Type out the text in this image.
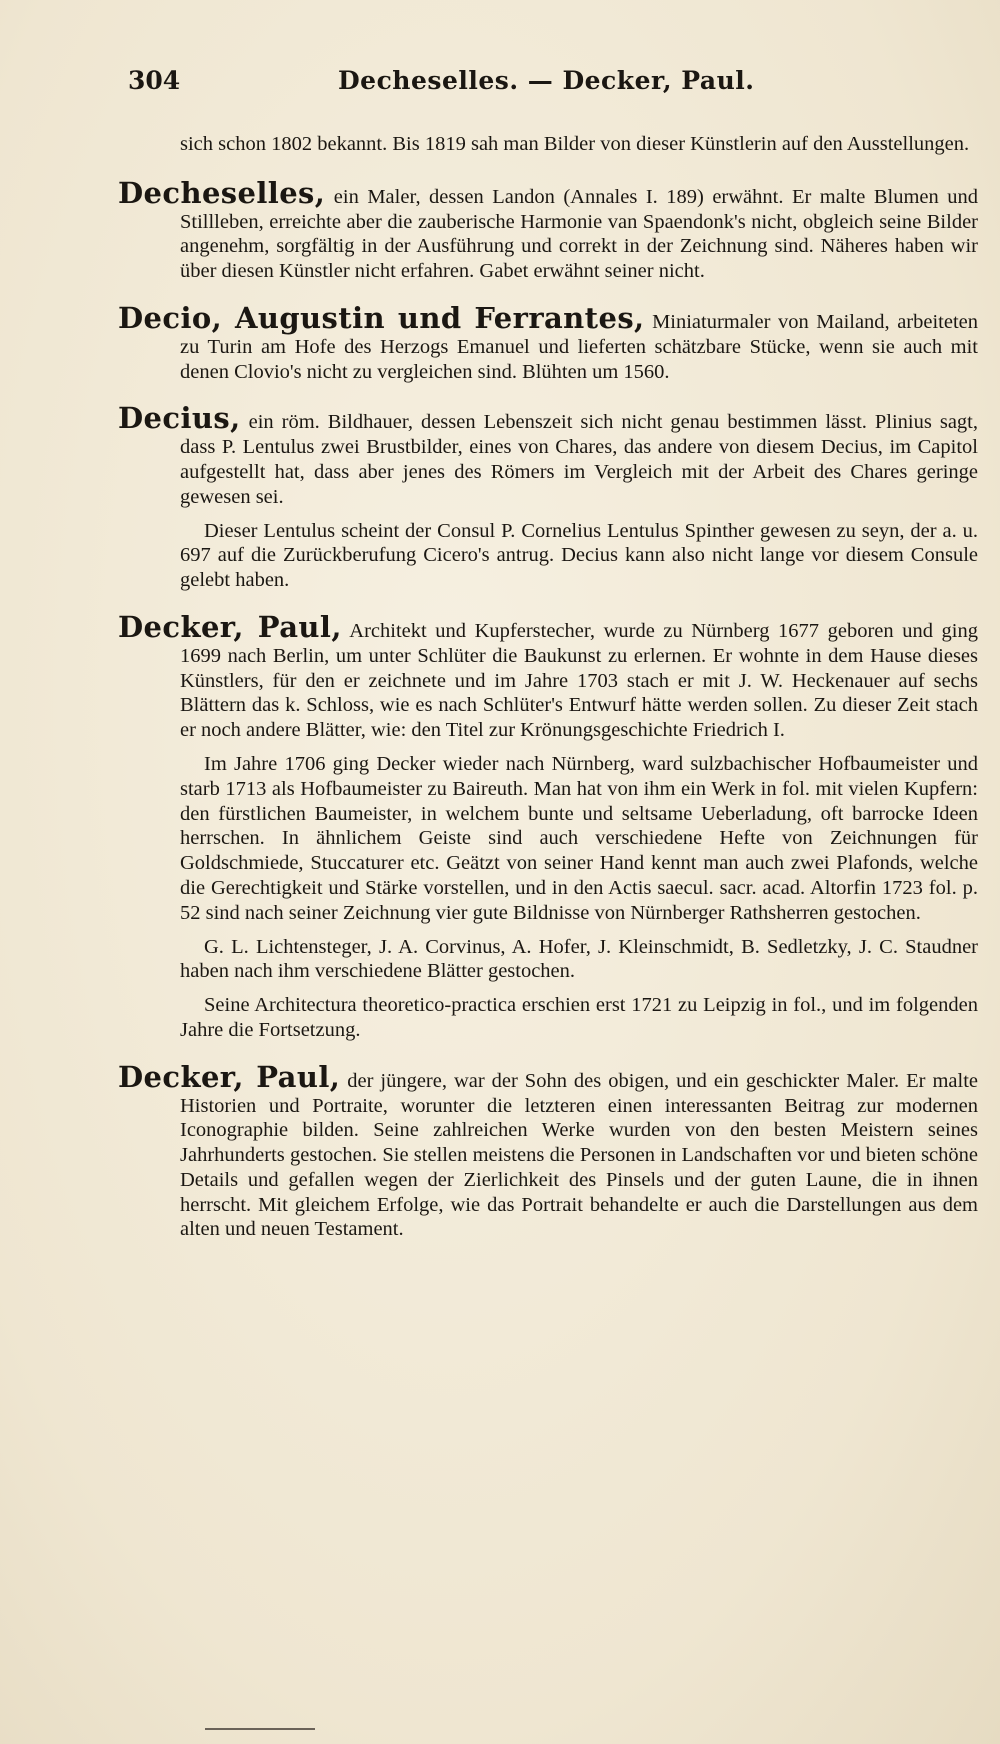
304	Decheselles. — Decker, Paul.

sich schon 1802 bekannt. Bis 1819 sah man Bilder von dieser Künstlerin auf den Ausstellungen.

Decheselles, ein Maler, dessen Landon (Annales I. 189) erwähnt. Er malte Blumen und Stillleben, erreichte aber die zauberische Harmonie van Spaendonk's nicht, obgleich seine Bilder angenehm, sorgfältig in der Ausführung und correkt in der Zeichnung sind. Näheres haben wir über diesen Künstler nicht erfahren. Gabet erwähnt seiner nicht.

Decio, Augustin und Ferrantes, Miniaturmaler von Mailand, arbeiteten zu Turin am Hofe des Herzogs Emanuel und lieferten schätzbare Stücke, wenn sie auch mit denen Clovio's nicht zu vergleichen sind. Blühten um 1560.

Decius, ein röm. Bildhauer, dessen Lebenszeit sich nicht genau bestimmen lässt. Plinius sagt, dass P. Lentulus zwei Brustbilder, eines von Chares, das andere von diesem Decius, im Capitol aufgestellt hat, dass aber jenes des Römers im Vergleich mit der Arbeit des Chares geringe gewesen sei.

Dieser Lentulus scheint der Consul P. Cornelius Lentulus Spinther gewesen zu seyn, der a. u. 697 auf die Zurückberufung Cicero's antrug. Decius kann also nicht lange vor diesem Consule gelebt haben.

Decker, Paul, Architekt und Kupferstecher, wurde zu Nürnberg 1677 geboren und ging 1699 nach Berlin, um unter Schlüter die Baukunst zu erlernen. Er wohnte in dem Hause dieses Künstlers, für den er zeichnete und im Jahre 1703 stach er mit J. W. Heckenauer auf sechs Blättern das k. Schloss, wie es nach Schlüter's Entwurf hätte werden sollen. Zu dieser Zeit stach er noch andere Blätter, wie: den Titel zur Krönungsgeschichte Friedrich I.

Im Jahre 1706 ging Decker wieder nach Nürnberg, ward sulzbachischer Hofbaumeister und starb 1713 als Hofbaumeister zu Baireuth. Man hat von ihm ein Werk in fol. mit vielen Kupfern: den fürstlichen Baumeister, in welchem bunte und seltsame Ueberladung, oft barrocke Ideen herrschen. In ähnlichem Geiste sind auch verschiedene Hefte von Zeichnungen für Goldschmiede, Stuccaturer etc. Geätzt von seiner Hand kennt man auch zwei Plafonds, welche die Gerechtigkeit und Stärke vorstellen, und in den Actis saecul. sacr. acad. Altorfin 1723 fol. p. 52 sind nach seiner Zeichnung vier gute Bildnisse von Nürnberger Rathsherren gestochen.

G. L. Lichtensteger, J. A. Corvinus, A. Hofer, J. Kleinschmidt, B. Sedletzky, J. C. Staudner haben nach ihm verschiedene Blätter gestochen.

Seine Architectura theoretico-practica erschien erst 1721 zu Leipzig in fol., und im folgenden Jahre die Fortsetzung.

Decker, Paul, der jüngere, war der Sohn des obigen, und ein geschickter Maler. Er malte Historien und Portraite, worunter die letzteren einen interessanten Beitrag zur modernen Iconographie bilden. Seine zahlreichen Werke wurden von den besten Meistern seines Jahrhunderts gestochen. Sie stellen meistens die Personen in Landschaften vor und bieten schöne Details und gefallen wegen der Zierlichkeit des Pinsels und der guten Laune, die in ihnen herrscht. Mit gleichem Erfolge, wie das Portrait behandelte er auch die Darstellungen aus dem alten und neuen Testament.
